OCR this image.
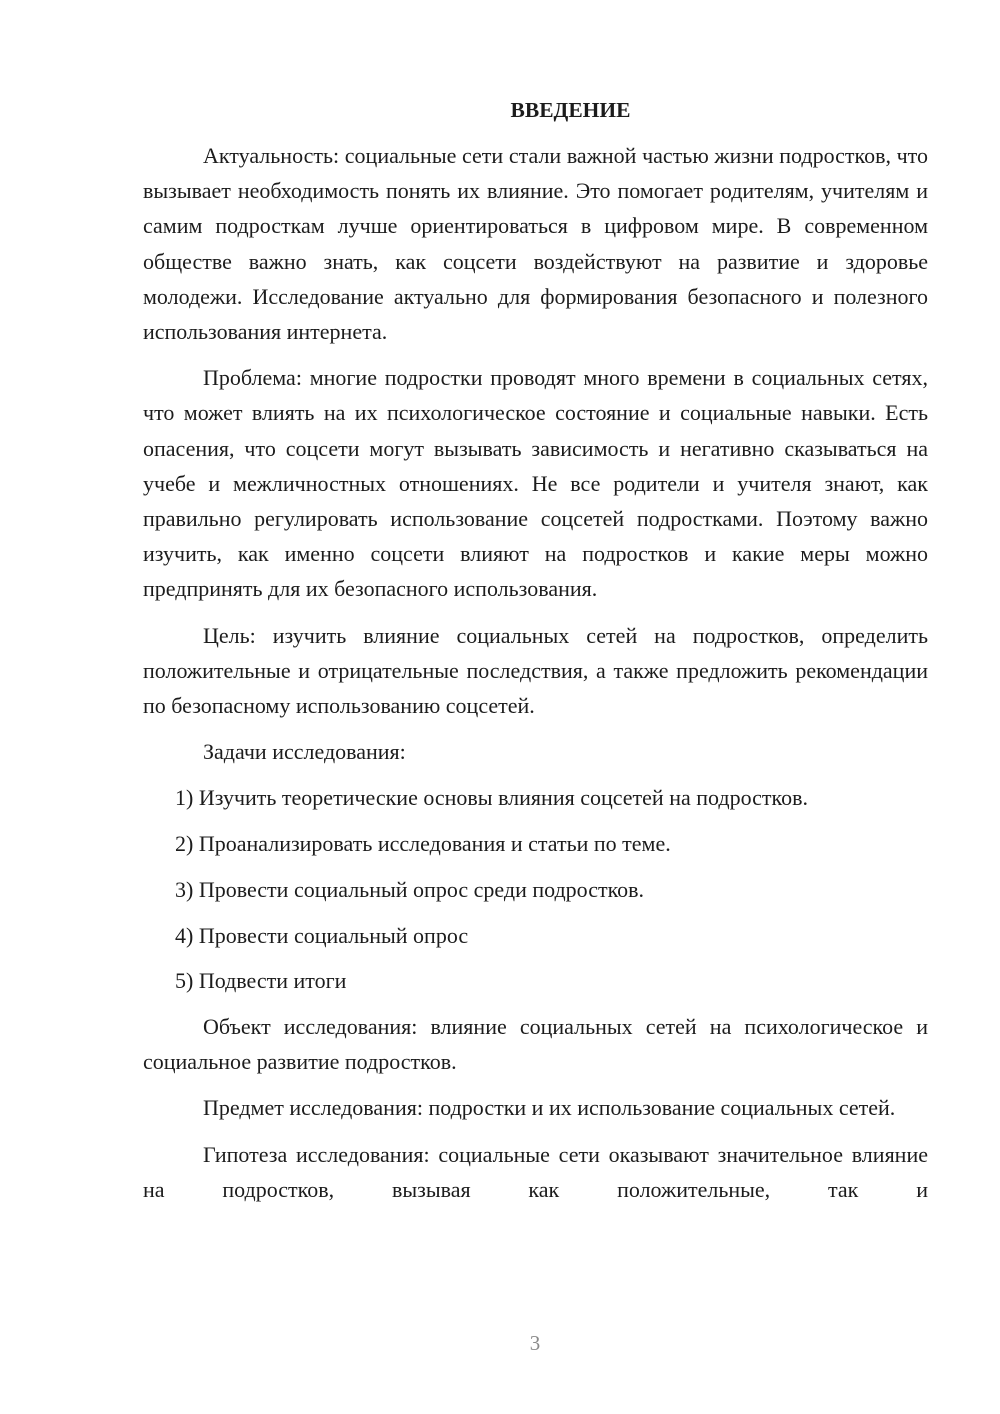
ВВЕДЕНИЕ

Актуальность: социальные сети стали важной частью жизни подростков, что вызывает необходимость понять их влияние. Это помогает родителям, учителям и самим подросткам лучше ориентироваться в цифровом мире. В современном обществе важно знать, как соцсети воздействуют на развитие и здоровье молодежи. Исследование актуально для формирования безопасного и полезного использования интернета.

Проблема: многие подростки проводят много времени в социальных сетях, что может влиять на их психологическое состояние и социальные навыки. Есть опасения, что соцсети могут вызывать зависимость и негативно сказываться на учебе и межличностных отношениях. Не все родители и учителя знают, как правильно регулировать использование соцсетей подростками. Поэтому важно изучить, как именно соцсети влияют на подростков и какие меры можно предпринять для их безопасного использования.

Цель: изучить влияние социальных сетей на подростков, определить положительные и отрицательные последствия, а также предложить рекомендации по безопасному использованию соцсетей.

Задачи исследования:

1) Изучить теоретические основы влияния соцсетей на подростков.

2) Проанализировать исследования и статьи по теме.

3) Провести социальный опрос среди подростков.

4) Провести социальный опрос

5) Подвести итоги

Объект исследования: влияние социальных сетей на психологическое и социальное развитие подростков.

Предмет исследования: подростки и их использование социальных сетей.

Гипотеза исследования: социальные сети оказывают значительное влияние на подростков, вызывая как положительные, так и

3
